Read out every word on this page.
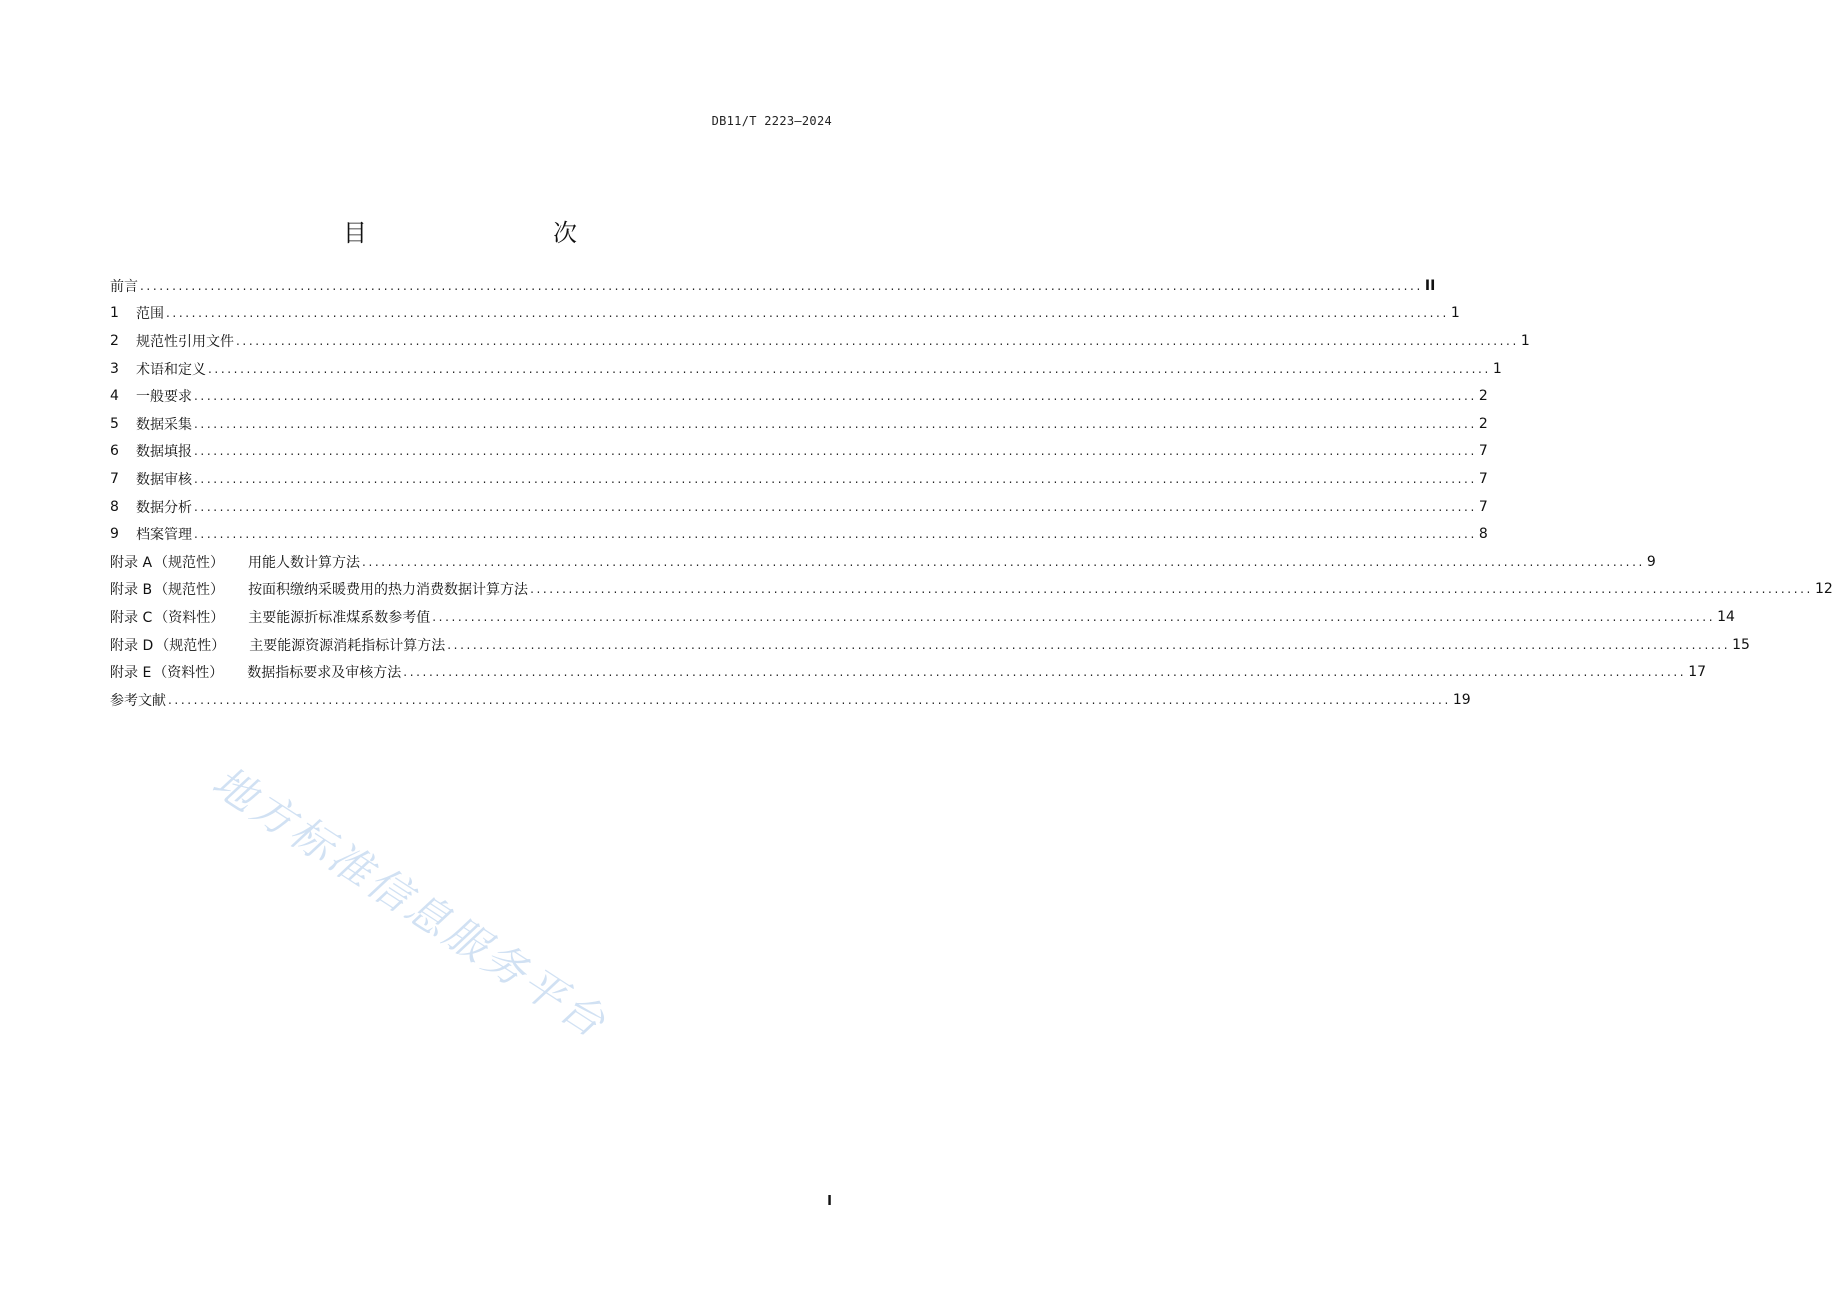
DB11/T 2223—2024
目　　次
前言 ........................................................................................................................................................................................................ II
1	范围 ........................................................................................................................................................................................................ 1
2	规范性引用文件 ........................................................................................................................................................................................................ 1
3	术语和定义 ........................................................................................................................................................................................................ 1
4	一般要求 ........................................................................................................................................................................................................ 2
5	数据采集 ........................................................................................................................................................................................................ 2
6	数据填报 ........................................................................................................................................................................................................ 7
7	数据审核 ........................................................................................................................................................................................................ 7
8	数据分析 ........................................................................................................................................................................................................ 7
9	档案管理 ........................................................................................................................................................................................................ 8
附录 A （规范性） 用能人数计算方法 ........................................................................................................................................................................................................ 9
附录 B （规范性） 按面积缴纳采暖费用的热力消费数据计算方法 ........................................................................................................................................................................................................ 12
附录 C （资料性） 主要能源折标准煤系数参考值 ........................................................................................................................................................................................................ 14
附录 D （规范性） 主要能源资源消耗指标计算方法 ........................................................................................................................................................................................................ 15
附录 E （资料性） 数据指标要求及审核方法 ........................................................................................................................................................................................................ 17
参考文献 ........................................................................................................................................................................................................ 19
地方标准信息服务平台
I
